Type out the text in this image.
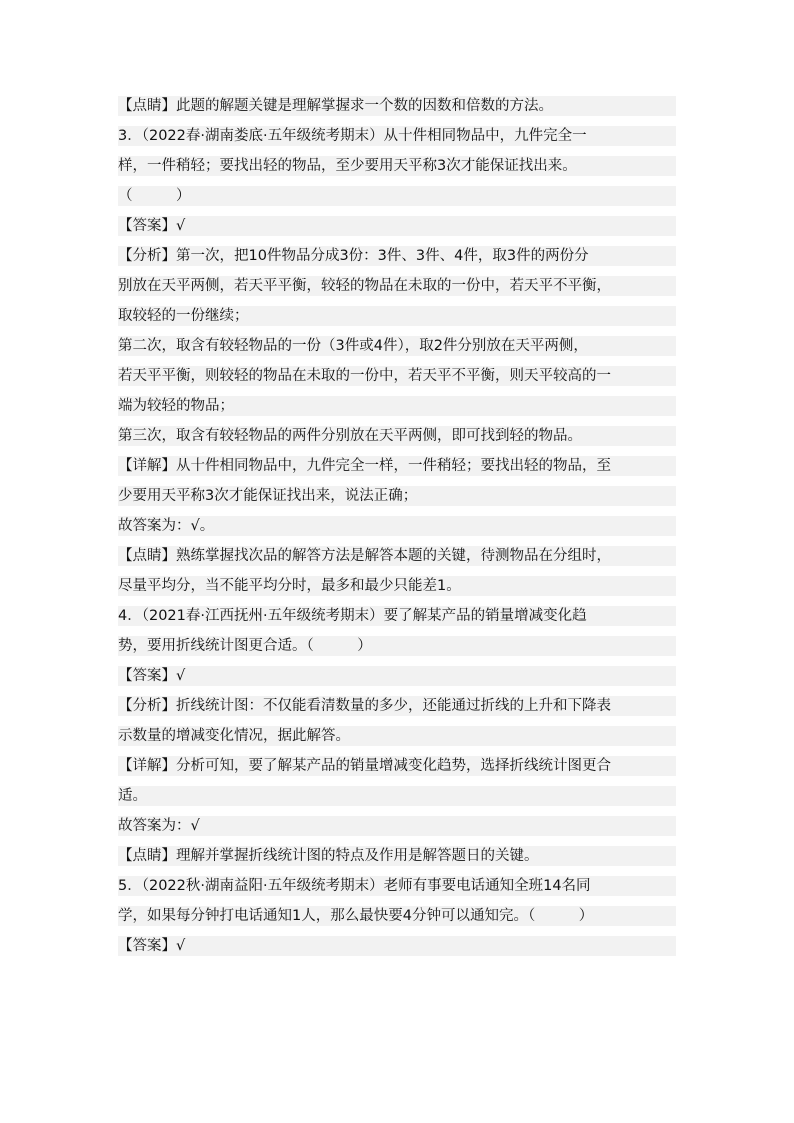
【点睛】此题的解题关键是理解掌握求一个数的因数和倍数的方法。
3．（2022春·湖南娄底·五年级统考期末）从十件相同物品中，九件完全一
样，一件稍轻；要找出轻的物品，至少要用天平称3次才能保证找出来。
（　　　）
【答案】√
【分析】第一次，把10件物品分成3份：3件、3件、4件，取3件的两份分
别放在天平两侧，若天平平衡，较轻的物品在未取的一份中，若天平不平衡，
取较轻的一份继续；
第二次，取含有较轻物品的一份（3件或4件），取2件分别放在天平两侧，
若天平平衡，则较轻的物品在未取的一份中，若天平不平衡，则天平较高的一
端为较轻的物品；
第三次，取含有较轻物品的两件分别放在天平两侧，即可找到轻的物品。
【详解】从十件相同物品中，九件完全一样，一件稍轻；要找出轻的物品，至
少要用天平称3次才能保证找出来，说法正确；
故答案为：√。
【点睛】熟练掌握找次品的解答方法是解答本题的关键，待测物品在分组时，
尽量平均分，当不能平均分时，最多和最少只能差1。
4．（2021春·江西抚州·五年级统考期末）要了解某产品的销量增减变化趋
势，要用折线统计图更合适。（　　　）
【答案】√
【分析】折线统计图：不仅能看清数量的多少，还能通过折线的上升和下降表
示数量的增减变化情况，据此解答。
【详解】分析可知，要了解某产品的销量增减变化趋势，选择折线统计图更合
适。
故答案为：√
【点睛】理解并掌握折线统计图的特点及作用是解答题日的关键。
5．（2022秋·湖南益阳·五年级统考期末）老师有事要电话通知全班14名同
学，如果每分钟打电话通知1人，那么最快要4分钟可以通知完。（　　　）
【答案】√
